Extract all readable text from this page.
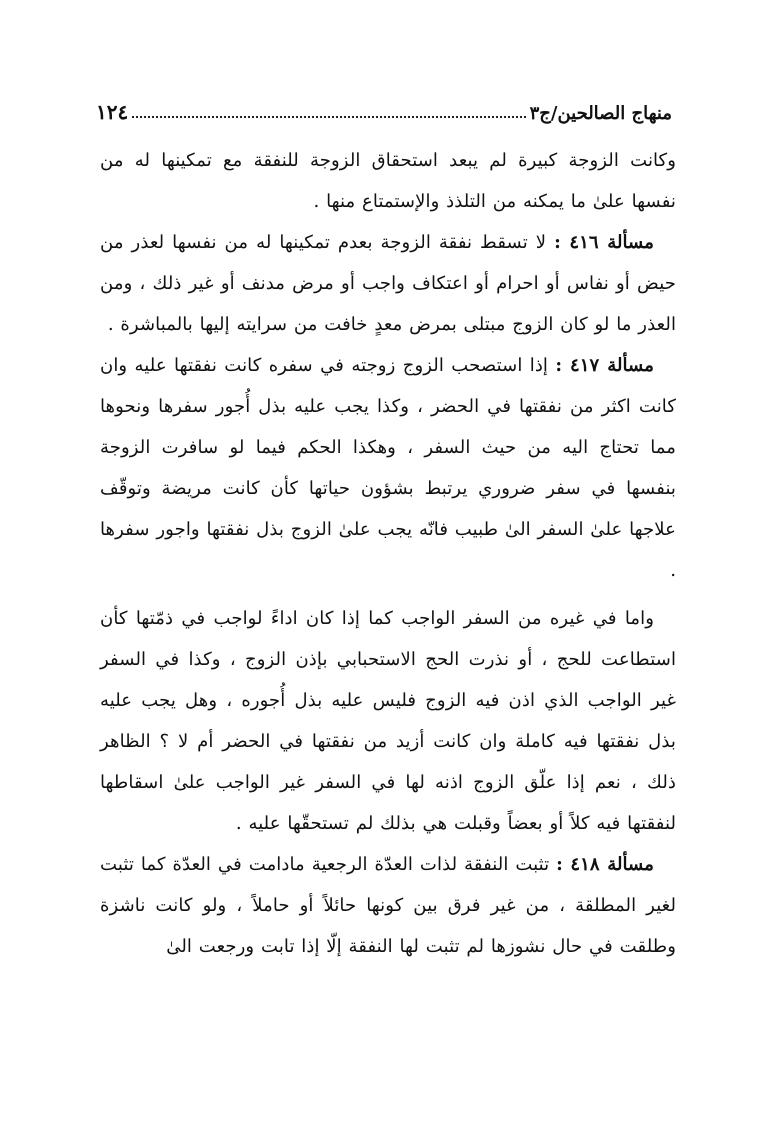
منهاج الصالحين/ج٣
١٢٤

وكانت الزوجة كبيرة لم يبعد استحقاق الزوجة للنفقة مع تمكينها له من نفسها علىٰ ما يمكنه من التلذذ والإستمتاع منها .

مسألة ٤١٦ : لا تسقط نفقة الزوجة بعدم تمكينها له من نفسها لعذر من حيض أو نفاس أو احرام أو اعتكاف واجب أو مرض مدنف أو غير ذلك ، ومن العذر ما لو كان الزوج مبتلى بمرض معدٍ خافت من سرايته إليها بالمباشرة .

مسألة ٤١٧ : إذا استصحب الزوج زوجته في سفره كانت نفقتها عليه وان كانت اكثر من نفقتها في الحضر ، وكذا يجب عليه بذل أُجور سفرها ونحوها مما تحتاج اليه من حيث السفر ، وهكذا الحكم فيما لو سافرت الزوجة بنفسها في سفر ضروري يرتبط بشؤون حياتها كأن كانت مريضة وتوقّف علاجها علىٰ السفر الىٰ طبيب فانّه يجب علىٰ الزوج بذل نفقتها واجور سفرها .

واما في غيره من السفر الواجب كما إذا كان اداءً لواجب في ذمّتها كأن استطاعت للحج ، أو نذرت الحج الاستحبابي بإذن الزوج ، وكذا في السفر غير الواجب الذي اذن فيه الزوج فليس عليه بذل أُجوره ، وهل يجب عليه بذل نفقتها فيه كاملة وان كانت أزيد من نفقتها في الحضر أم لا ؟ الظاهر ذلك ، نعم إذا علّق الزوج اذنه لها في السفر غير الواجب علىٰ اسقاطها لنفقتها فيه كلاً أو بعضاً وقبلت هي بذلك لم تستحقّها عليه .

مسألة ٤١٨ : تثبت النفقة لذات العدّة الرجعية مادامت في العدّة كما تثبت لغير المطلقة ، من غير فرق بين كونها حائلاً أو حاملاً ، ولو كانت ناشزة وطلقت في حال نشوزها لم تثبت لها النفقة إلّا إذا تابت ورجعت الىٰ
